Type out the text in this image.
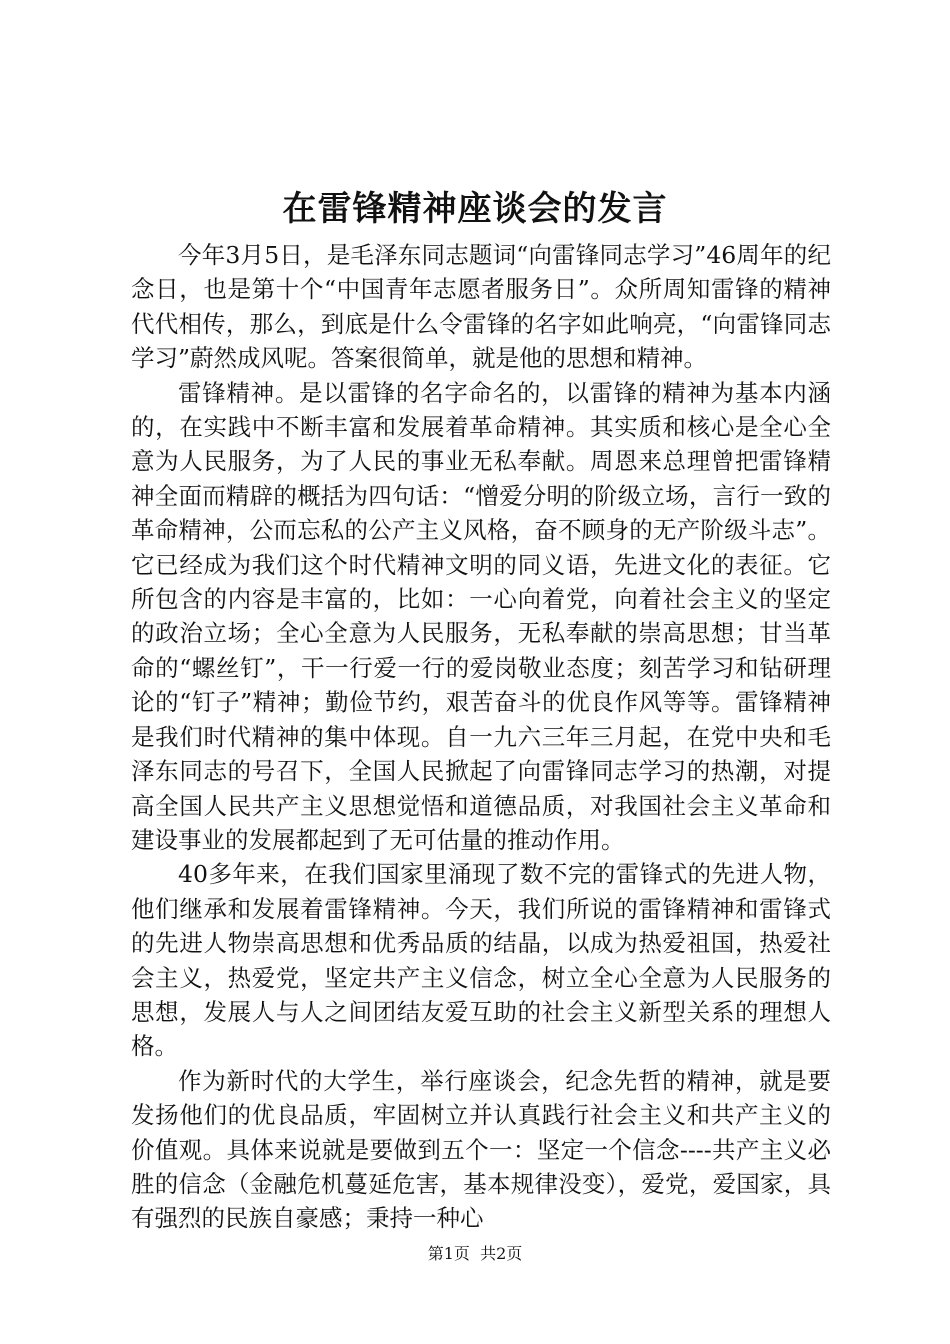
在雷锋精神座谈会的发言

今年3月5日，是毛泽东同志题词“向雷锋同志学习”46周年的纪念日，也是第十个“中国青年志愿者服务日”。众所周知雷锋的精神代代相传，那么，到底是什么令雷锋的名字如此响亮，“向雷锋同志学习”蔚然成风呢。答案很简单，就是他的思想和精神。

雷锋精神。是以雷锋的名字命名的，以雷锋的精神为基本内涵的，在实践中不断丰富和发展着革命精神。其实质和核心是全心全意为人民服务，为了人民的事业无私奉献。周恩来总理曾把雷锋精神全面而精辟的概括为四句话：“憎爱分明的阶级立场，言行一致的革命精神，公而忘私的公产主义风格，奋不顾身的无产阶级斗志”。它已经成为我们这个时代精神文明的同义语，先进文化的表征。它所包含的内容是丰富的，比如：一心向着党，向着社会主义的坚定的政治立场；全心全意为人民服务，无私奉献的崇高思想；甘当革命的“螺丝钉”，干一行爱一行的爱岗敬业态度；刻苦学习和钻研理论的“钉子”精神；勤俭节约，艰苦奋斗的优良作风等等。雷锋精神是我们时代精神的集中体现。自一九六三年三月起，在党中央和毛泽东同志的号召下，全国人民掀起了向雷锋同志学习的热潮，对提高全国人民共产主义思想觉悟和道德品质，对我国社会主义革命和建设事业的发展都起到了无可估量的推动作用。

40多年来，在我们国家里涌现了数不完的雷锋式的先进人物，他们继承和发展着雷锋精神。今天，我们所说的雷锋精神和雷锋式的先进人物崇高思想和优秀品质的结晶，以成为热爱祖国，热爱社会主义，热爱党，坚定共产主义信念，树立全心全意为人民服务的思想，发展人与人之间团结友爱互助的社会主义新型关系的理想人格。

作为新时代的大学生，举行座谈会，纪念先哲的精神，就是要发扬他们的优良品质，牢固树立并认真践行社会主义和共产主义的价值观。具体来说就是要做到五个一：坚定一个信念----共产主义必胜的信念（金融危机蔓延危害，基本规律没变），爱党，爱国家，具有强烈的民族自豪感；秉持一种心

第1页 共2页
